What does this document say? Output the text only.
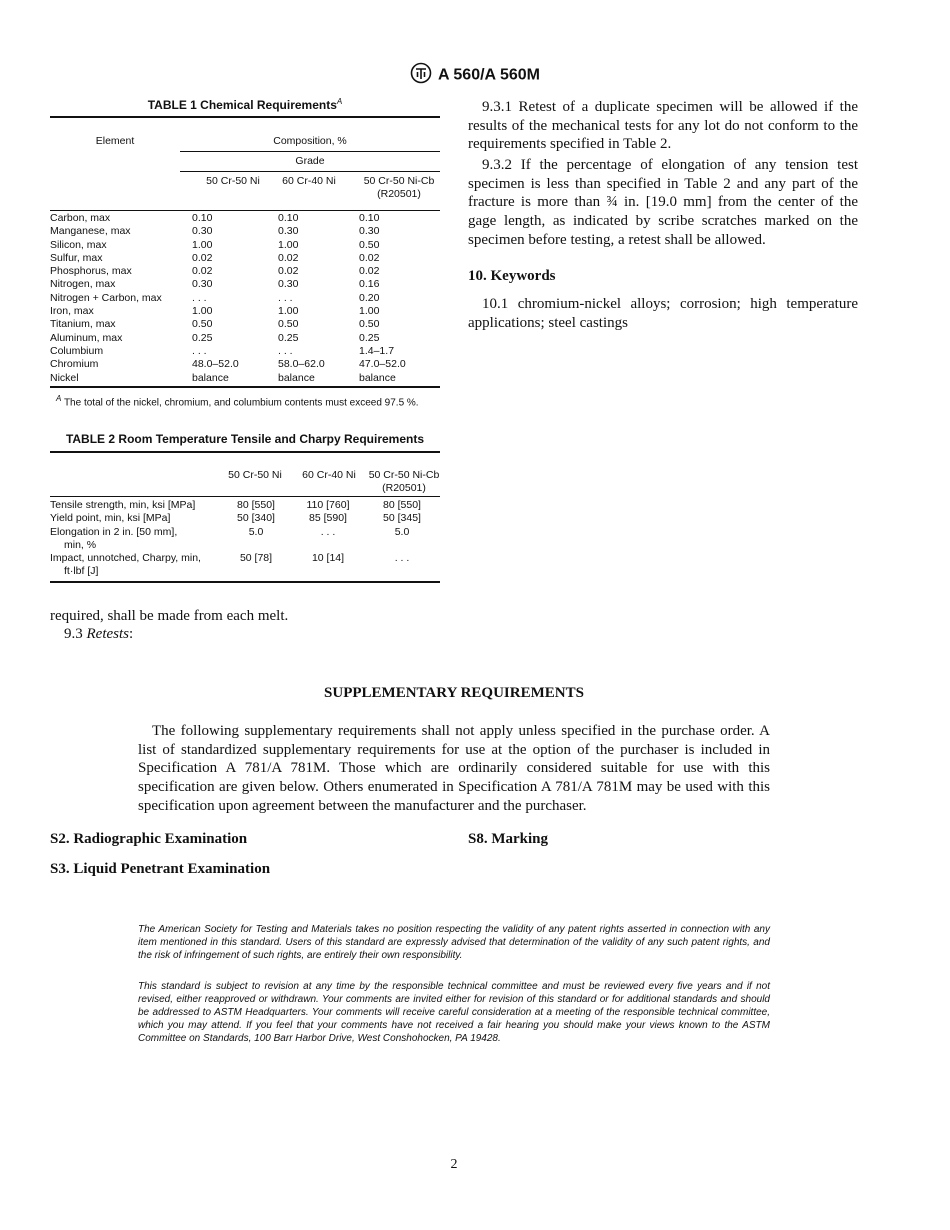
A 560/A 560M
TABLE 1 Chemical Requirements$^A$
Element	Composition, %
Grade
50 Cr-50 Ni	60 Cr-40 Ni	50 Cr-50 Ni-Cb
(R20501)
Carbon, max	0.10	0.10	0.10
Manganese, max	0.30	0.30	0.30
Silicon, max	1.00	1.00	0.50
Sulfur, max	0.02	0.02	0.02
Phosphorus, max	0.02	0.02	0.02
Nitrogen, max	0.30	0.30	0.16
Nitrogen + Carbon, max	. . .	. . .	0.20
Iron, max	1.00	1.00	1.00
Titanium, max	0.50	0.50	0.50
Aluminum, max	0.25	0.25	0.25
Columbium	. . .	. . .	1.4–1.7
Chromium	48.0–52.0	58.0–62.0	47.0–52.0
Nickel	balance	balance	balance
$^A$ The total of the nickel, chromium, and columbium contents must exceed 97.5 %.
TABLE 2 Room Temperature Tensile and Charpy Requirements
50 Cr-50 Ni	60 Cr-40 Ni	50 Cr-50 Ni-Cb
(R20501)
Tensile strength, min, ksi [MPa]	80 [550]	110 [760]	80 [550]

Yield point, min, ksi [MPa]	50 [340]	85 [590]	50 [345]

Elongation in 2 in. [50 mm],
min, %	5.0	. . .	5.0

Impact, unnotched, Charpy, min,
ft·lbf [J]	50 [78]	10 [14]	. . .
required, shall be made from each melt.
9.3 Retests:
9.3.1 Retest of a duplicate specimen will be allowed if the results of the mechanical tests for any lot do not conform to the requirements specified in Table 2.
9.3.2 If the percentage of elongation of any tension test specimen is less than specified in Table 2 and any part of the fracture is more than ¾ in. [19.0 mm] from the center of the gage length, as indicated by scribe scratches marked on the specimen before testing, a retest shall be allowed.
10. Keywords
10.1 chromium-nickel alloys; corrosion; high temperature applications; steel castings
SUPPLEMENTARY REQUIREMENTS
The following supplementary requirements shall not apply unless specified in the purchase order. A list of standardized supplementary requirements for use at the option of the purchaser is included in Specification A 781/A 781M. Those which are ordinarily considered suitable for use with this specification are given below. Others enumerated in Specification A 781/A 781M may be used with this specification upon agreement between the manufacturer and the purchaser.
S2. Radiographic Examination
S3. Liquid Penetrant Examination
S8. Marking
The American Society for Testing and Materials takes no position respecting the validity of any patent rights asserted in connection with any item mentioned in this standard. Users of this standard are expressly advised that determination of the validity of any such patent rights, and the risk of infringement of such rights, are entirely their own responsibility.
This standard is subject to revision at any time by the responsible technical committee and must be reviewed every five years and if not revised, either reapproved or withdrawn. Your comments are invited either for revision of this standard or for additional standards and should be addressed to ASTM Headquarters. Your comments will receive careful consideration at a meeting of the responsible technical committee, which you may attend. If you feel that your comments have not received a fair hearing you should make your views known to the ASTM Committee on Standards, 100 Barr Harbor Drive, West Conshohocken, PA 19428.
2
